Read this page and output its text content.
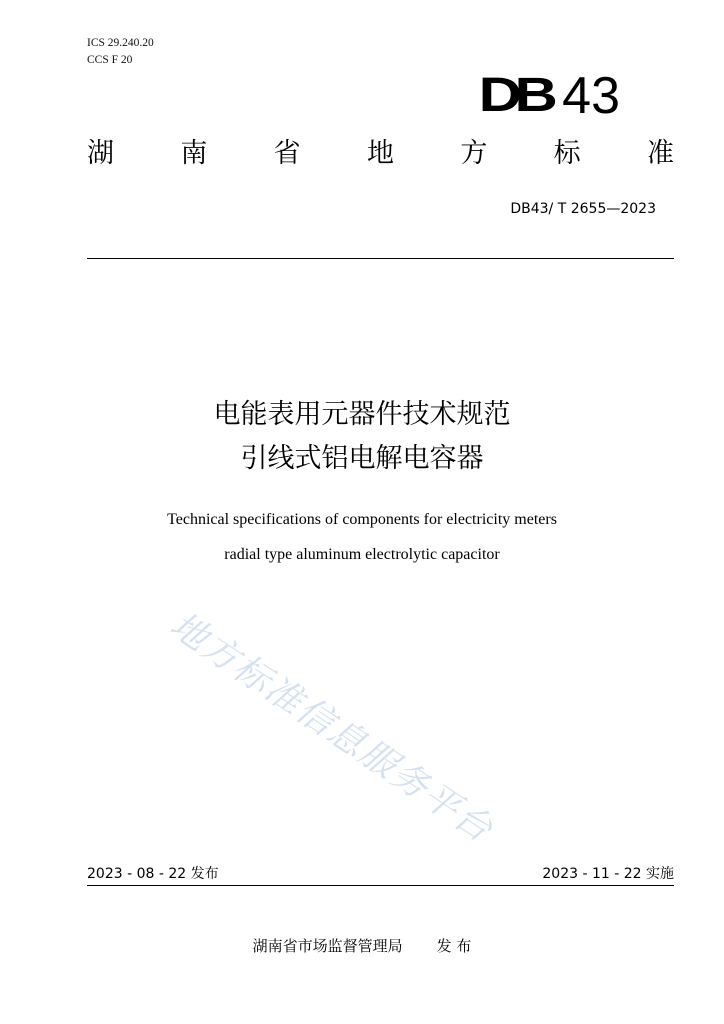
ICS 29.240.20
CCS F 20
DB 43
湖 南 省 地 方 标 准
DB43/ T 2655—2023
电能表用元器件技术规范
引线式铝电解电容器
Technical specifications of components for electricity meters
radial type aluminum electrolytic capacitor
地方标准信息服务平台
2023 - 08 - 22 发布	2023 - 11 - 22 实施
湖南省市场监督管理局 发 布
